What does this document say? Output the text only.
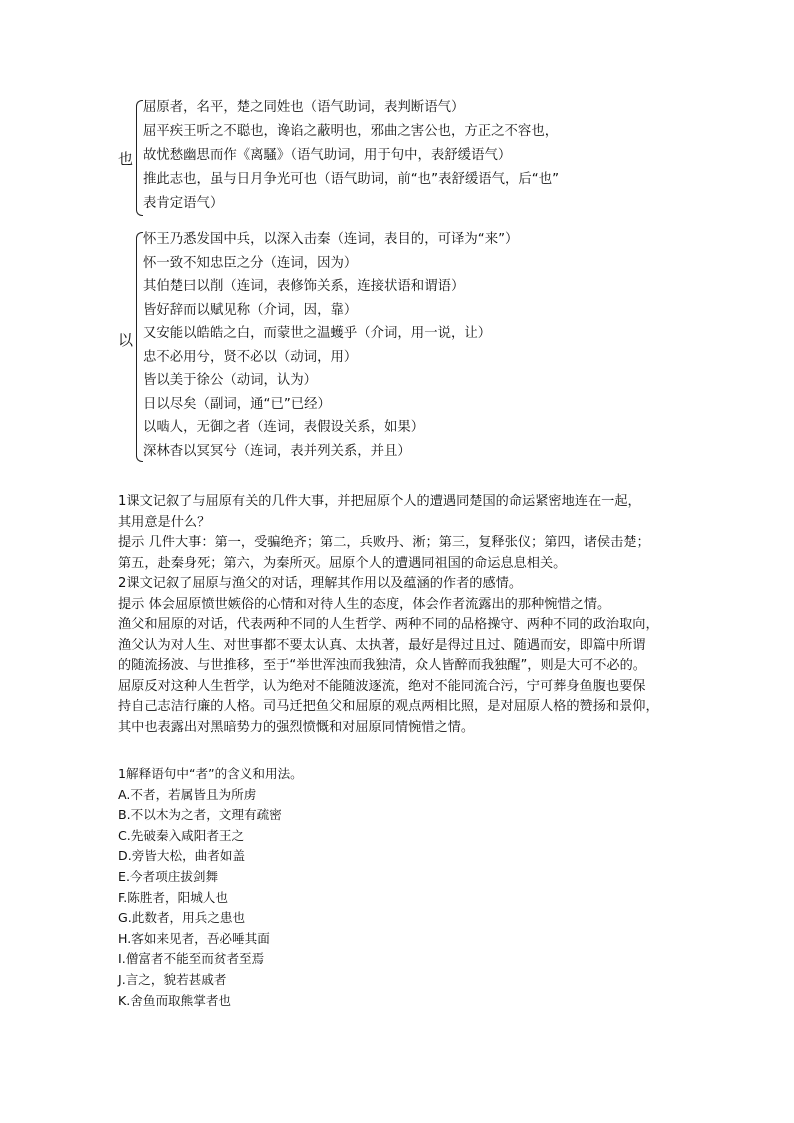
也
屈原者，名平，楚之同姓也（语气助词，表判断语气）
屈平疾王听之不聪也，谗谄之蔽明也，邪曲之害公也，方正之不容也，
故忧愁幽思而作《离騷》（语气助词，用于句中，表舒缓语气）
推此志也，虽与日月争光可也（语气助词，前“也”表舒缓语气，后“也”
表肯定语气）
以
怀王乃悉发国中兵，以深入击秦（连词，表目的，可译为“来”）
怀一致不知忠臣之分（连词，因为）
其伯楚曰以削（连词，表修饰关系，连接状语和谓语）
皆好辞而以赋见称（介词，因，靠）
又安能以皓皓之白，而蒙世之温蠖乎（介词，用一说，让）
忠不必用兮，贤不必以（动词，用）
皆以美于徐公（动词，认为）
日以尽矣（副词，通“已”已经）
以啮人，无御之者（连词，表假设关系，如果）
深林杳以冥冥兮（连词，表并列关系，并且）
1课文记叙了与屈原有关的几件大事，并把屈原个人的遭遇同楚国的命运紧密地连在一起，
其用意是什么？
提示 几件大事：第一，受骗绝齐；第二，兵败丹、淅；第三，复释张仪；第四，诸侯击楚；
第五，赴秦身死；第六，为秦所灭。屈原个人的遭遇同祖国的命运息息相关。
2课文记叙了屈原与渔父的对话，理解其作用以及蕴涵的作者的感情。
提示 体会屈原愤世嫉俗的心情和对待人生的态度，体会作者流露出的那种惋惜之情。
渔父和屈原的对话，代表两种不同的人生哲学、两种不同的品格操守、两种不同的政治取向，
渔父认为对人生、对世事都不要太认真、太执著，最好是得过且过、随遇而安，即篇中所谓
的随流扬波、与世推移，至于“举世浑浊而我独清，众人皆醉而我独醒”，则是大可不必的。
屈原反对这种人生哲学，认为绝对不能随波逐流，绝对不能同流合污，宁可葬身鱼腹也要保
持自己志洁行廉的人格。司马迁把鱼父和屈原的观点两相比照，是对屈原人格的赞扬和景仰，
其中也表露出对黑暗势力的强烈愤慨和对屈原同情惋惜之情。
1解释语句中“者”的含义和用法。
A.不者，若属皆且为所虏
B.不以木为之者，文理有疏密
C.先破秦入咸阳者王之
D.旁皆大松，曲者如盖
E.今者项庄拔剑舞
F.陈胜者，阳城人也
G.此数者，用兵之患也
H.客如来见者，吾必唾其面
I.僧富者不能至而贫者至焉
J.言之，貌若甚戚者
K.舍鱼而取熊掌者也
